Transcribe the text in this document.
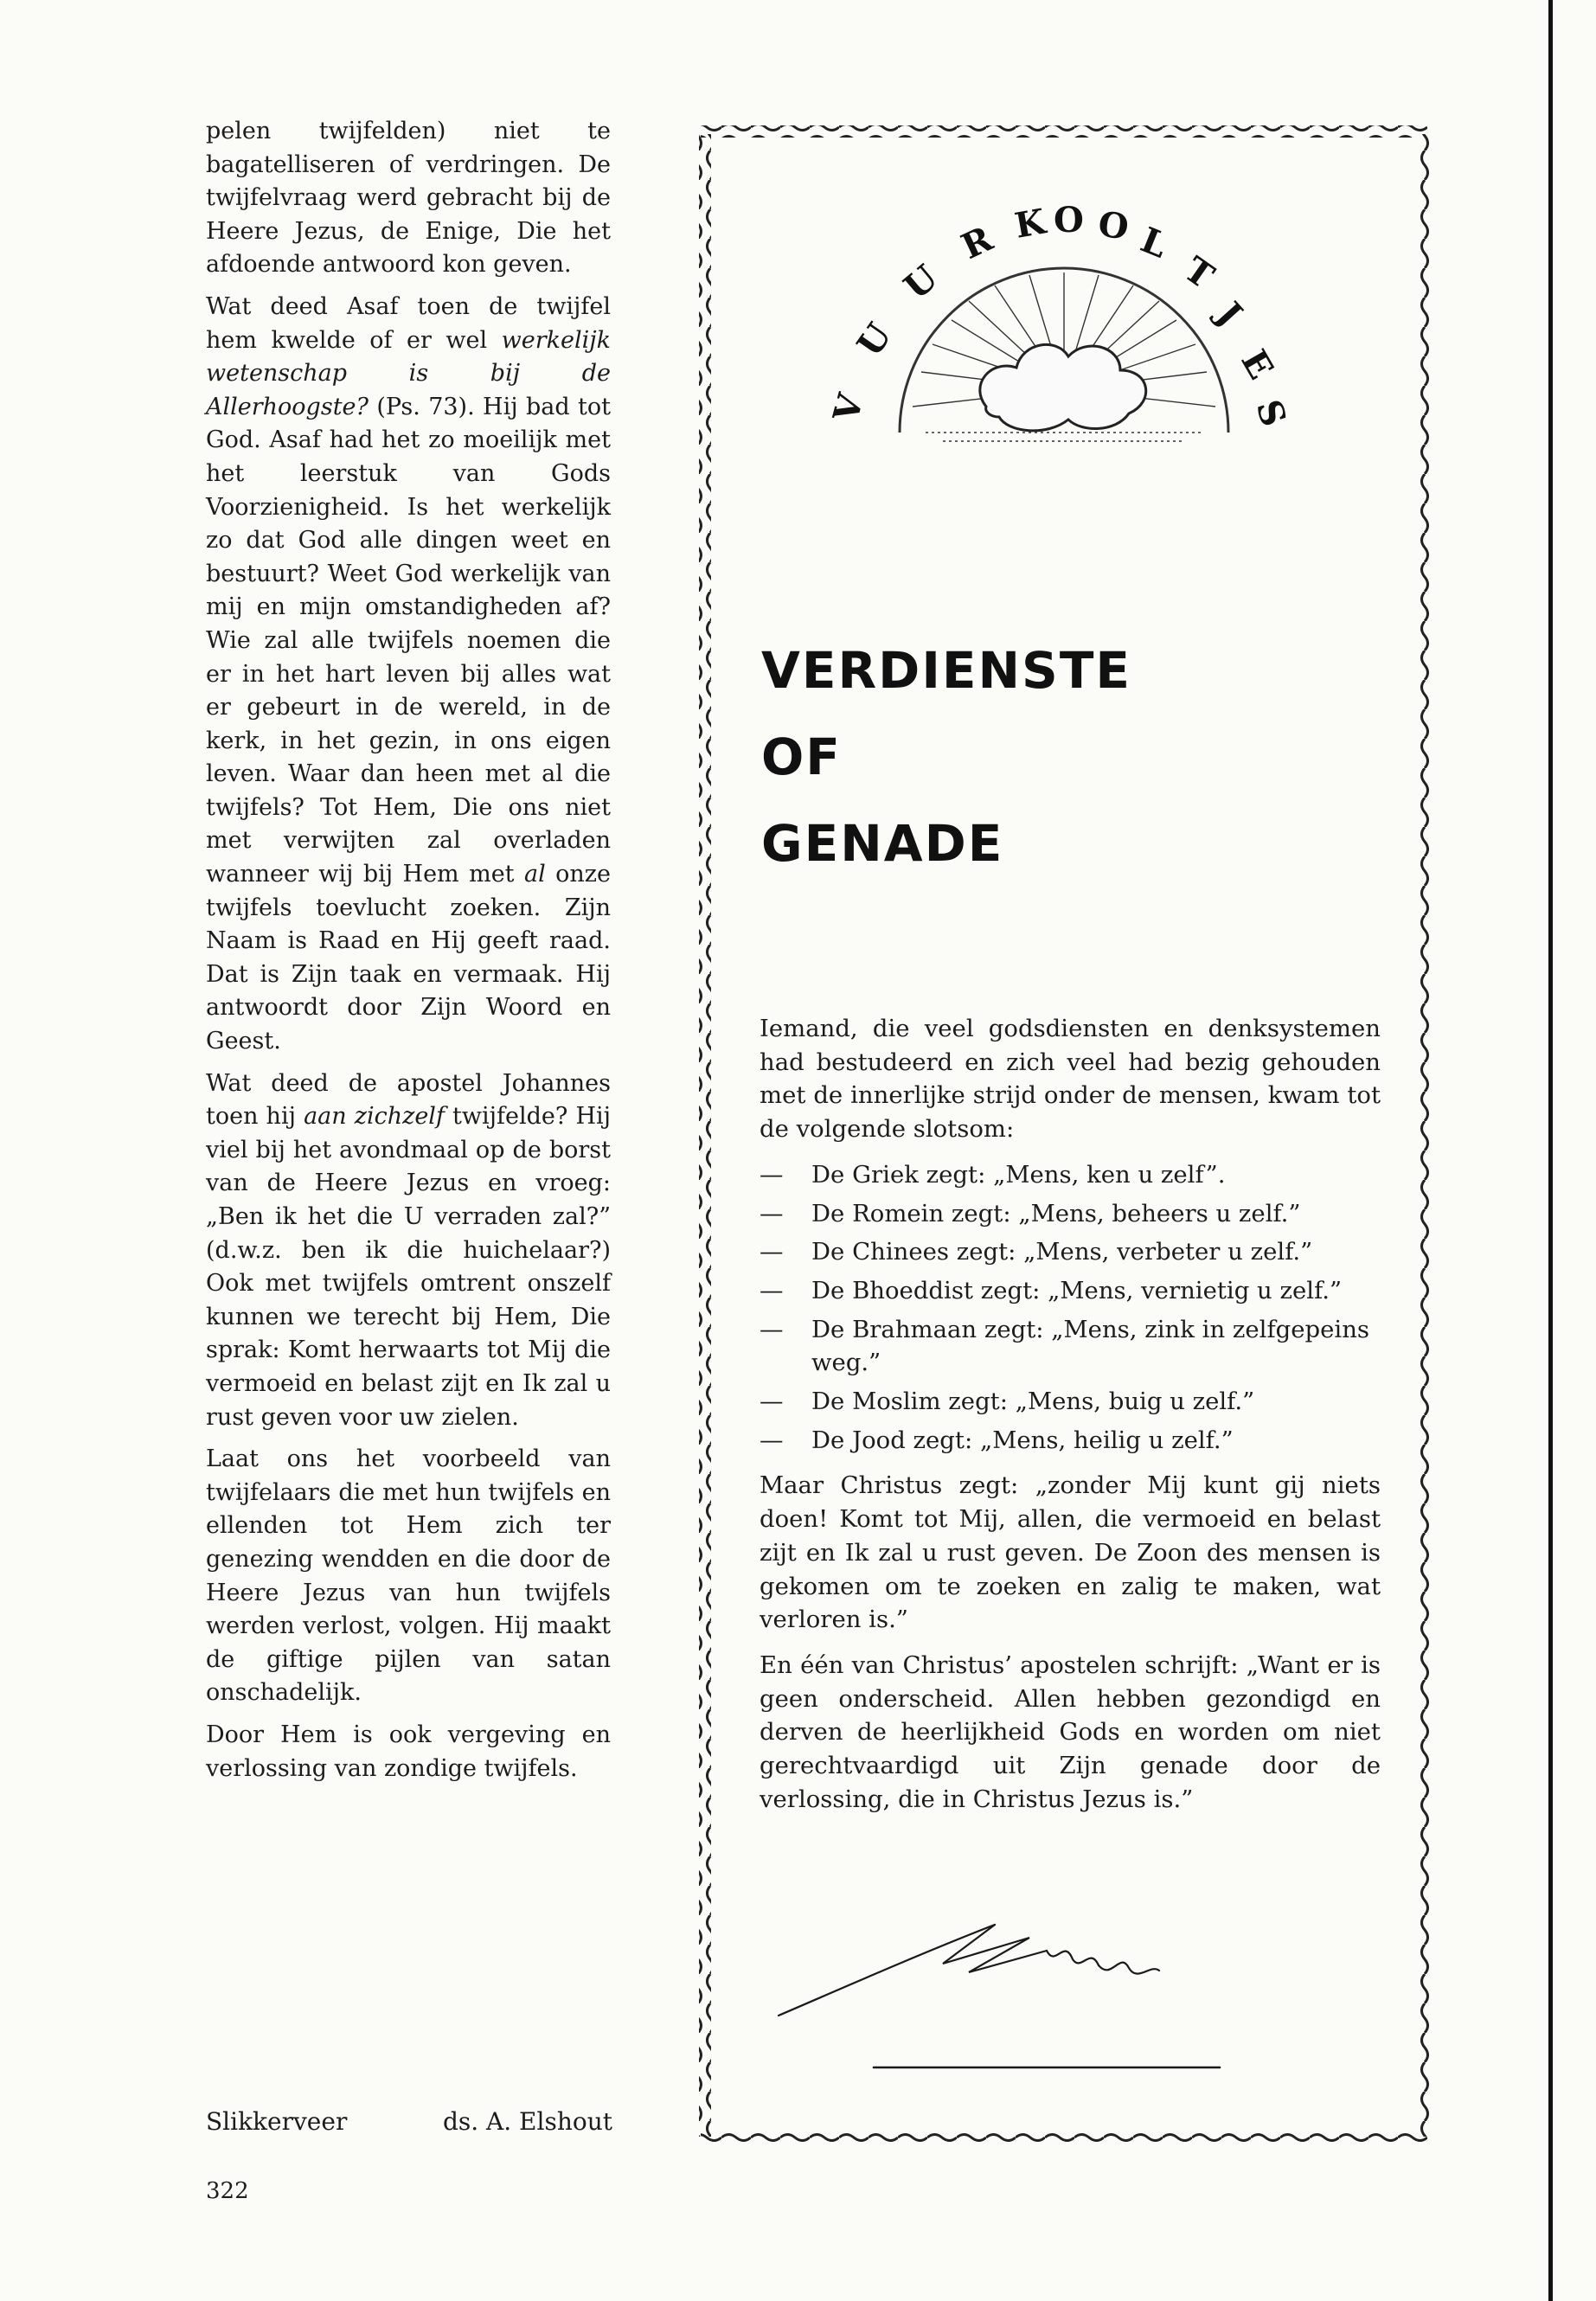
pelen twijfelden) niet te bagatelliseren of verdringen. De twijfelvraag werd gebracht bij de Heere Jezus, de Enige, Die het afdoende antwoord kon geven.

Wat deed Asaf toen de twijfel hem kwelde of er wel werkelijk wetenschap is bij de Allerhoogste? (Ps. 73). Hij bad tot God. Asaf had het zo moeilijk met het leerstuk van Gods Voorzienigheid. Is het werkelijk zo dat God alle dingen weet en bestuurt? Weet God werkelijk van mij en mijn omstandigheden af? Wie zal alle twijfels noemen die er in het hart leven bij alles wat er gebeurt in de wereld, in de kerk, in het gezin, in ons eigen leven. Waar dan heen met al die twijfels? Tot Hem, Die ons niet met verwijten zal overladen wanneer wij bij Hem met al onze twijfels toevlucht zoeken. Zijn Naam is Raad en Hij geeft raad. Dat is Zijn taak en vermaak. Hij antwoordt door Zijn Woord en Geest.

Wat deed de apostel Johannes toen hij aan zichzelf twijfelde? Hij viel bij het avondmaal op de borst van de Heere Jezus en vroeg: „Ben ik het die U verraden zal?” (d.w.z. ben ik die huichelaar?) Ook met twijfels omtrent onszelf kunnen we terecht bij Hem, Die sprak: Komt herwaarts tot Mij die vermoeid en belast zijt en Ik zal u rust geven voor uw zielen.

Laat ons het voorbeeld van twijfelaars die met hun twijfels en ellenden tot Hem zich ter genezing wendden en die door de Heere Jezus van hun twijfels werden verlost, volgen. Hij maakt de giftige pijlen van satan onschadelijk.

Door Hem is ook vergeving en verlossing van zondige twijfels.

Slikkerveer	ds. A. Elshout
322
V
U
U
R K O O L
T
J
E
S
VERDIENSTE
OF
GENADE

Iemand, die veel godsdiensten en denksystemen had bestudeerd en zich veel had bezig gehouden met de innerlijke strijd onder de mensen, kwam tot de volgende slotsom:

— De Griek zegt: „Mens, ken u zelf”.
— De Romein zegt: „Mens, beheers u zelf.”
— De Chinees zegt: „Mens, verbeter u zelf.”
— De Bhoeddist zegt: „Mens, vernietig u zelf.”
— De Brahmaan zegt: „Mens, zink in zelfgepeins weg.”
— De Moslim zegt: „Mens, buig u zelf.”
— De Jood zegt: „Mens, heilig u zelf.”

Maar Christus zegt: „zonder Mij kunt gij niets doen! Komt tot Mij, allen, die vermoeid en belast zijt en Ik zal u rust geven. De Zoon des mensen is gekomen om te zoeken en zalig te maken, wat verloren is.”

En één van Christus’ apostelen schrijft: „Want er is geen onderscheid. Allen hebben gezondigd en derven de heerlijkheid Gods en worden om niet gerechtvaardigd uit Zijn genade door de verlossing, die in Christus Jezus is.”
